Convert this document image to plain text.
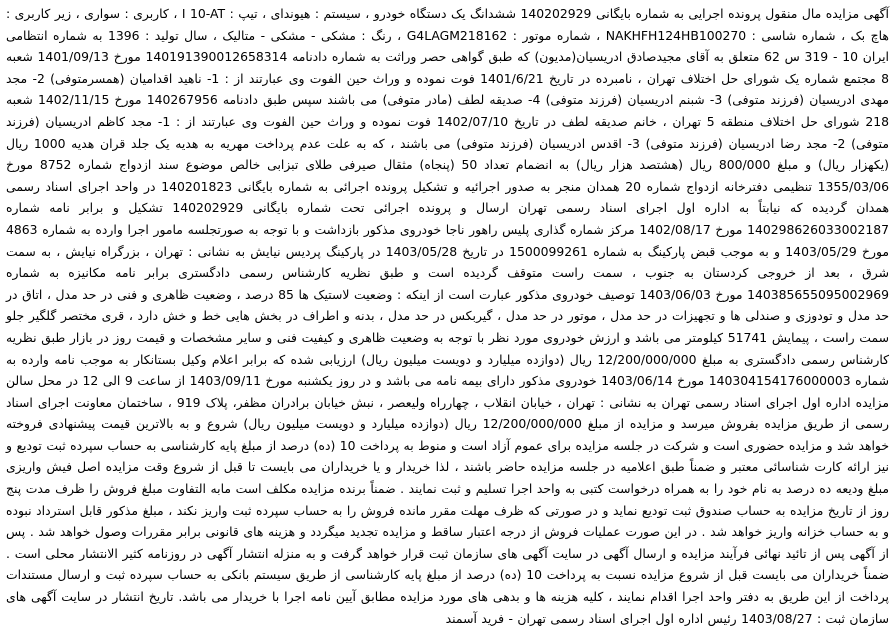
آگهی مزایده مال منقول پرونده اجرایی به شماره بایگانی 140202929 ششدانگ یک دستگاه خودرو ، سیستم : هیوندای ، تیپ : I 10-AT ، کاربری : سواری ، زیر کاربری : هاچ بک ، شماره شاسی : NAKHFH124HB100270 ، شماره موتور : G4LAGM218162 ، رنگ : مشکی - مشکی - متالیک ، سال تولید : 1396 به شماره انتظامی ایران 10 - 319 س 62 متعلق به آقای مجیدصادق ادریسیان(مدیون) که طبق گواهی حصر وراثت به شماره دادنامه 140191390012658314 مورخ 1401/09/13 شعبه 8 مجتمع شماره یک شورای حل اختلاف تهران ، نامبرده در تاریخ 1401/6/21 فوت نموده و وراث حین الفوت وی عبارتند از : 1- ناهید اقدامیان (همسرمتوفی) 2- مجد مهدی ادریسیان (فرزند متوفی) 3- شبنم ادریسیان (فرزند متوفی) 4- صدیقه لطف (مادر متوفی) می باشند سپس طبق دادنامه 140267956 مورخ 1402/11/15 شعبه 218 شورای حل اختلاف منطقه 5 تهران ، خانم صدیقه لطف در تاریخ 1402/07/10 فوت نموده و وراث حین الفوت وی عبارتند از : 1- مجد کاظم ادریسیان (فرزند متوفی) 2- مجد رضا ادریسیان (فرزند متوفی) 3- اقدس ادریسیان (فرزند متوفی) می باشند ، که به علت عدم پرداخت مهریه به هدیه یک جلد قران هدیه 1000 ریال (یکهزار ریال) و مبلغ 800/000 ریال (هشتصد هزار ریال) به انضمام تعداد 50 (پنجاه) مثقال صیرفی طلای تبزابی خالص موضوع سند ازدواج شماره 8752 مورخ 1355/03/06 تنظیمی دفترخانه ازدواج شماره 20 همدان منجر به صدور اجرائیه و تشکیل پرونده اجرائی به شماره بایگانی 140201823 در واحد اجرای اسناد رسمی همدان گردیده که نیابتاً به اداره اول اجرای اسناد رسمی تهران ارسال و پرونده اجرائی تحت شماره بایگانی 140202929 تشکیل و برابر نامه شماره 140298626033002187 مورخ 1402/08/17 مرکز شماره گذاری پلیس راهور ناجا خودروی مذکور بازداشت و با توجه به صورتجلسه مامور اجرا وارده به شماره 4863 مورخ 1403/05/29 و به موجب قبض پارکینگ به شماره 1500099261 در تاریخ 1403/05/28 در پارکینگ پردیس نیایش به نشانی : تهران ، بزرگراه نیایش ، به سمت شرق ، بعد از خروجی کردستان به جنوب ، سمت راست متوقف گردیده است و طبق نظریه کارشناس رسمی دادگستری برابر نامه مکانیزه به شماره 140385655095002969 مورخ 1403/06/03 توصیف خودروی مذکور عبارت است از اینکه : وضعیت لاستیک ها 85 درصد ، وضعیت ظاهری و فنی در حد مدل ، اتاق در حد مدل و تودوزی و صندلی ها و تجهیزات در حد مدل ، موتور در حد مدل ، گیربکس در حد مدل ، بدنه و اطراف در بخش هایی خط و خش دارد ، قری مختصر گلگیر جلو سمت راست ، پیمایش 51741 کیلومتر می باشد و ارزش خودروی مورد نظر با توجه به وضعیت ظاهری و کیفیت فنی و سایر مشخصات و قیمت روز در بازار طبق نظریه کارشناس رسمی دادگستری به مبلغ 12/200/000/000 ریال (دوازده میلیارد و دویست میلیون ریال) ارزیابی شده که برابر اعلام وکیل بستانکار به موجب نامه وارده به شماره 140304154176000003 مورخ 1403/06/14 خودروی مذکور دارای بیمه نامه می باشد و در روز یکشنبه مورخ 1403/09/11 از ساعت 9 الی 12 در محل سالن مزایده اداره اول اجرای اسناد رسمی تهران به نشانی : تهران ، خیابان انقلاب ، چهارراه ولیعصر ، نبش خیابان برادران مظفر، پلاک 919 ، ساختمان معاونت اجرای اسناد رسمی از طریق مزایده بفروش میرسد و مزایده از مبلغ 12/200/000/000 ریال (دوازده میلیارد و دویست میلیون ریال) شروع و به بالاترین قیمت پیشنهادی فروخته خواهد شد و مزایده حضوری است و شرکت در جلسه مزایده برای عموم آزاد است و منوط به پرداخت 10 (ده) درصد از مبلغ پایه کارشناسی به حساب سپرده ثبت تودیع و نیز ارائه کارت شناسائی معتبر و ضمناً طبق اعلامیه در جلسه مزایده حاضر باشند ، لذا خریدار و یا خریداران می بایست تا قبل از شروع وقت مزایده اصل فیش واریزی مبلغ ودیعه ده درصد به نام خود را به همراه درخواست کتبی به واحد اجرا تسلیم و ثبت نمایند . ضمناً برنده مزایده مکلف است مابه التفاوت مبلغ فروش را ظرف مدت پنج روز از تاریخ مزایده به حساب صندوق ثبت تودیع نماید و در صورتی که ظرف مهلت مقرر مانده فروش را به حساب سپرده ثبت واریز نکند ، مبلغ مذکور قابل استرداد نبوده و به حساب خزانه واریز خواهد شد . در این صورت عملیات فروش از درجه اعتبار ساقط و مزایده تجدید میگردد و هزینه های قانونی برابر مقررات وصول خواهد شد . پس از آگهی پس از تائید نهائی فرآیند مزایده و ارسال آگهی در سایت آگهی های سازمان ثبت قرار خواهد گرفت و به منزله انتشار آگهی در روزنامه کثیر الانتشار محلی است . ضمناً خریداران می بایست قبل از شروع مزایده نسبت به پرداخت 10 (ده) درصد از مبلغ پایه کارشناسی از طریق سیستم بانکی به حساب سپرده ثبت و ارسال مستندات پرداخت از این طریق به دفتر واحد اجرا اقدام نمایند ، کلیه هزینه ها و بدهی های مورد مزایده مطابق آیین نامه اجرا با خریدار می باشد. تاریخ انتشار در سایت آگهی های سازمان ثبت : 1403/08/27 رئیس اداره اول اجرای اسناد رسمی تهران - فرید آسمند
